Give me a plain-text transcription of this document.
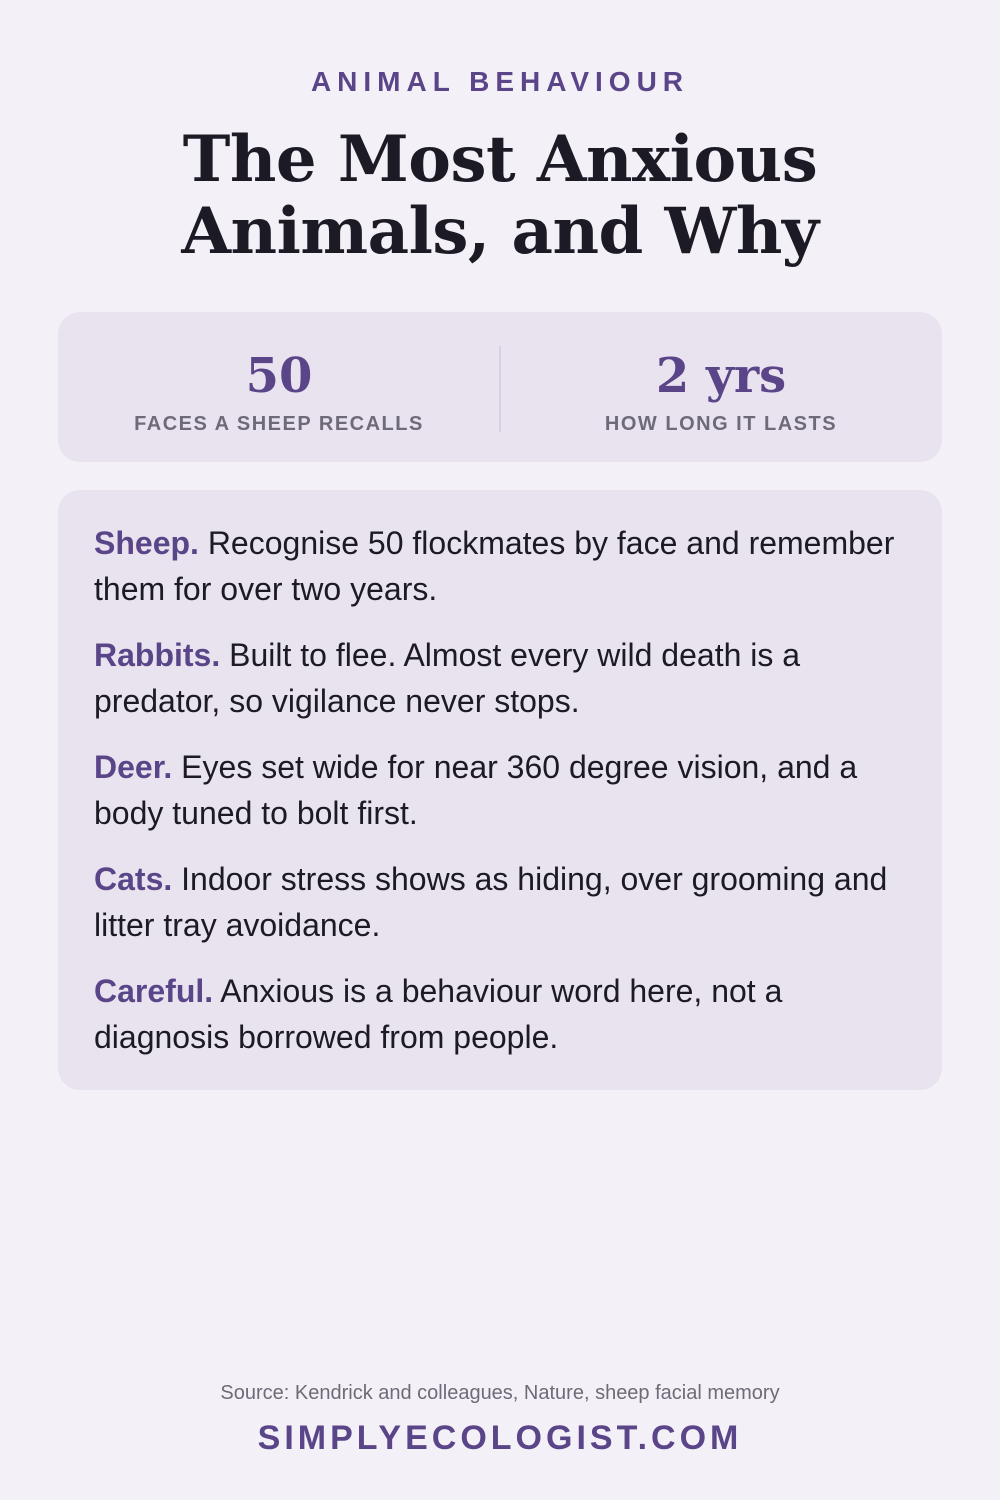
ANIMAL BEHAVIOUR
The Most Anxious
Animals, and Why
50
FACES A SHEEP RECALLS
2 yrs
HOW LONG IT LASTS
Sheep. Recognise 50 flockmates by face and remember them for over two years.
Rabbits. Built to flee. Almost every wild death is a predator, so vigilance never stops.
Deer. Eyes set wide for near 360 degree vision, and a body tuned to bolt first.
Cats. Indoor stress shows as hiding, over grooming and litter tray avoidance.
Careful. Anxious is a behaviour word here, not a diagnosis borrowed from people.
Source: Kendrick and colleagues, Nature, sheep facial memory
SIMPLYECOLOGIST.COM
